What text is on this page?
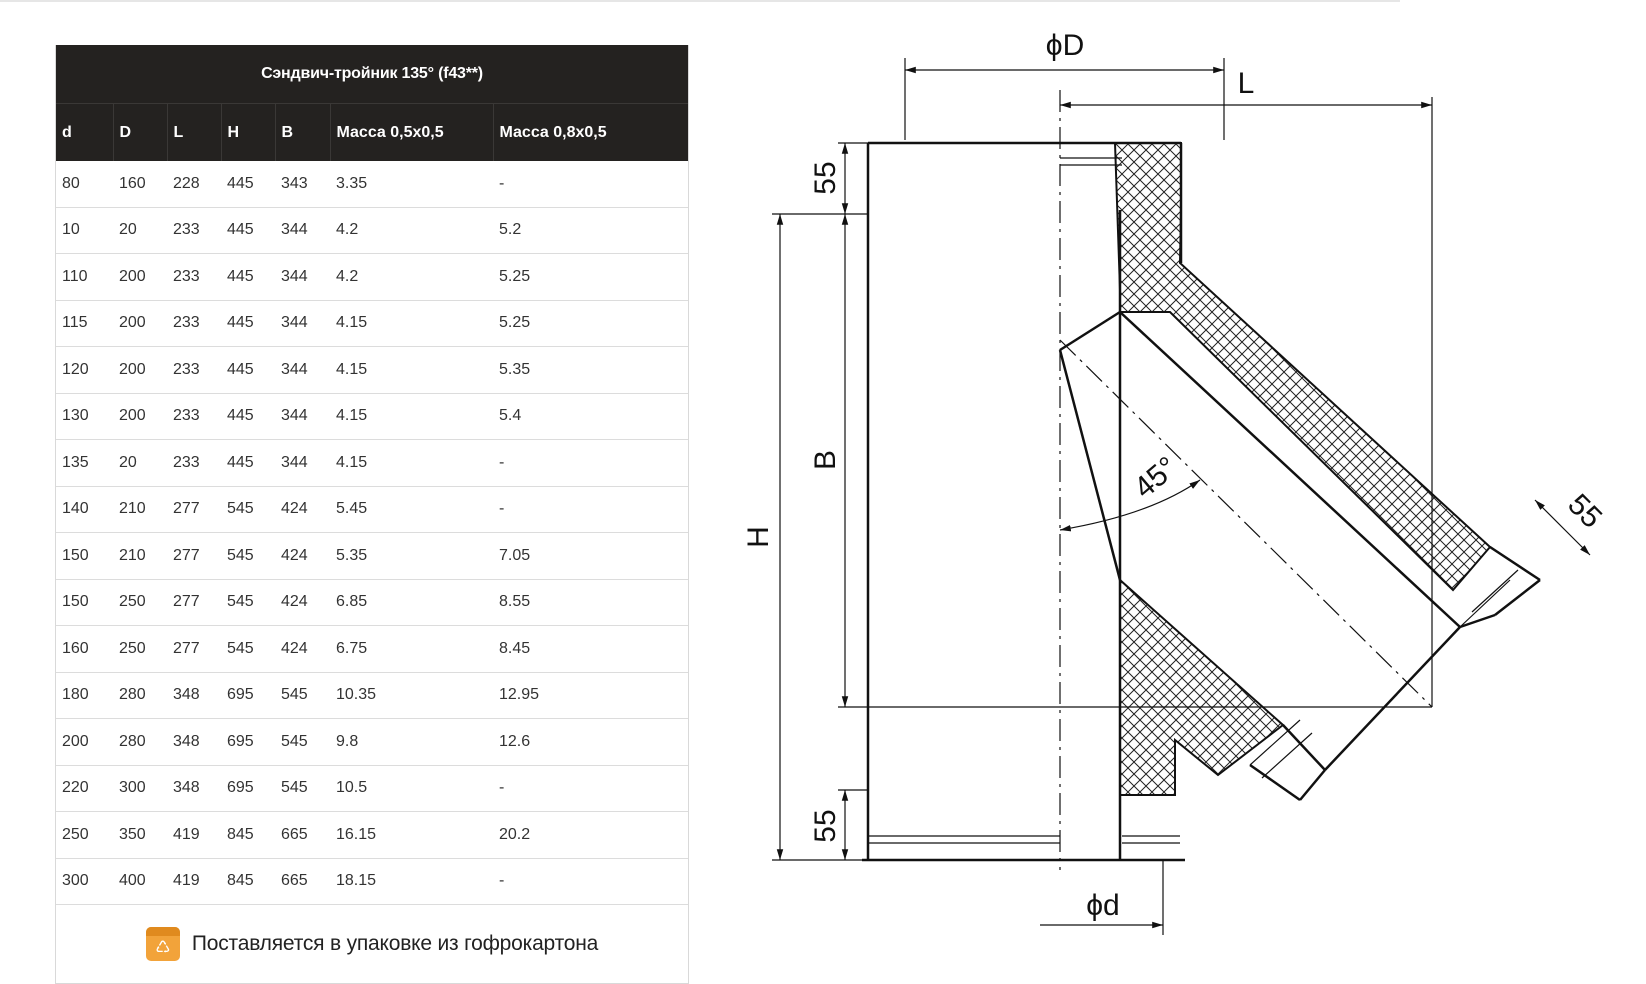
Сэндвич-тройник 135° (f43**)						
d	D	L	H	B	Масса 0,5x0,5	Масса 0,8x0,5
80	160	228	445	343	3.35	-
10	20	233	445	344	4.2	5.2
110	200	233	445	344	4.2	5.25
115	200	233	445	344	4.15	5.25
120	200	233	445	344	4.15	5.35
130	200	233	445	344	4.15	5.4
135	20	233	445	344	4.15	-
140	210	277	545	424	5.45	-
150	210	277	545	424	5.35	7.05
150	250	277	545	424	6.85	8.55
160	250	277	545	424	6.75	8.45
180	280	348	695	545	10.35	12.95
200	280	348	695	545	9.8	12.6
220	300	348	695	545	10.5	-
250	350	419	845	665	16.15	20.2
300	400	419	845	665	18.15	-
♺ Поставляется в упаковке из гофрокартона
ϕD
L
55
B
H
45°
55
55
ϕd
